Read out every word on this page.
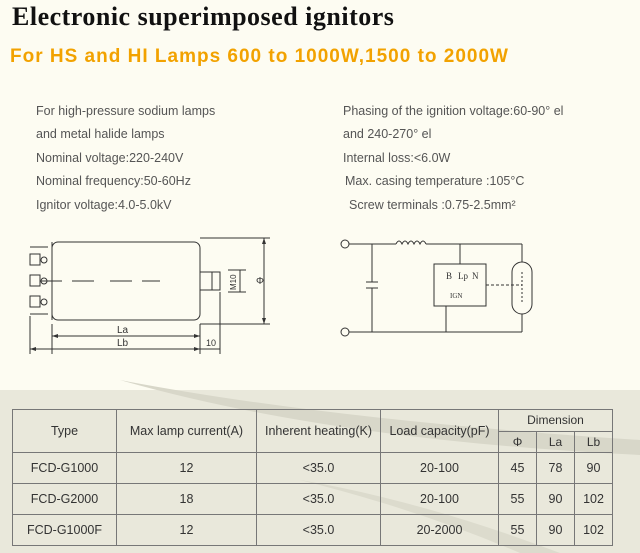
Electronic superimposed ignitors
For HS and HI Lamps 600 to 1000W,1500 to 2000W
For high-pressure sodium lamps
and metal halide lamps
Nominal voltage:220-240V
Nominal frequency:50-60Hz
Ignitor voltage:4.0-5.0kV
Phasing of the ignition voltage:60-90° el
and 240-270° el
Internal loss:<6.0W
Max. casing temperature :105°C
Screw terminals :0.75-2.5mm²
La
Lb	10
M10 Φ	B Lp N
IGN
Type	Max lamp current(A)	Inherent heating(K)	Load capacity(pF)	Dimension		
				Φ	La	Lb
FCD-G1000	12	<35.0	20-100	45	78	90
FCD-G2000	18	<35.0	20-100	55	90	102
FCD-G1000F	12	<35.0	20-2000	55	90	102
